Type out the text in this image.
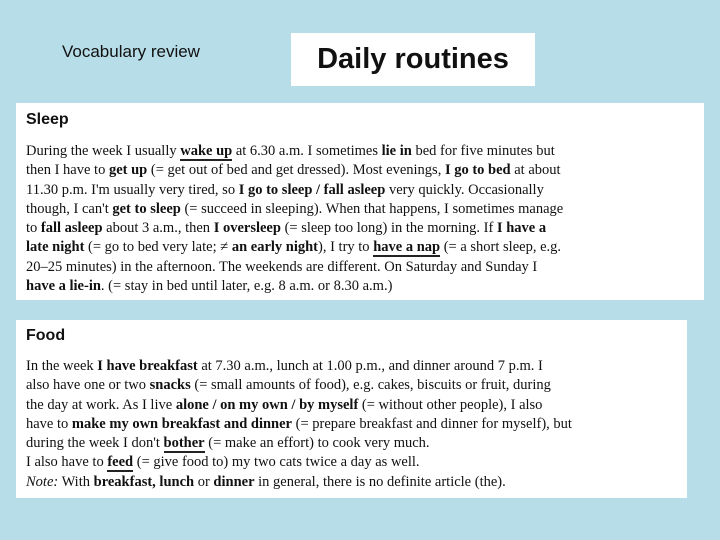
Vocabulary review	Daily routines
Sleep
During the week I usually wake up at 6.30 a.m. I sometimes lie in bed for five minutes but
then I have to get up (= get out of bed and get dressed). Most evenings, I go to bed at about
11.30 p.m. I'm usually very tired, so I go to sleep / fall asleep very quickly. Occasionally
though, I can't get to sleep (= succeed in sleeping). When that happens, I sometimes manage
to fall asleep about 3 a.m., then I oversleep (= sleep too long) in the morning. If I have a
late night (= go to bed very late; ≠ an early night), I try to have a nap (= a short sleep, e.g.
20–25 minutes) in the afternoon. The weekends are different. On Saturday and Sunday I
have a lie-in. (= stay in bed until later, e.g. 8 a.m. or 8.30 a.m.)
Food
In the week I have breakfast at 7.30 a.m., lunch at 1.00 p.m., and dinner around 7 p.m. I
also have one or two snacks (= small amounts of food), e.g. cakes, biscuits or fruit, during
the day at work. As I live alone / on my own / by myself (= without other people), I also
have to make my own breakfast and dinner (= prepare breakfast and dinner for myself), but
during the week I don't bother (= make an effort) to cook very much.
I also have to feed (= give food to) my two cats twice a day as well.
Note: With breakfast, lunch or dinner in general, there is no definite article (the).
